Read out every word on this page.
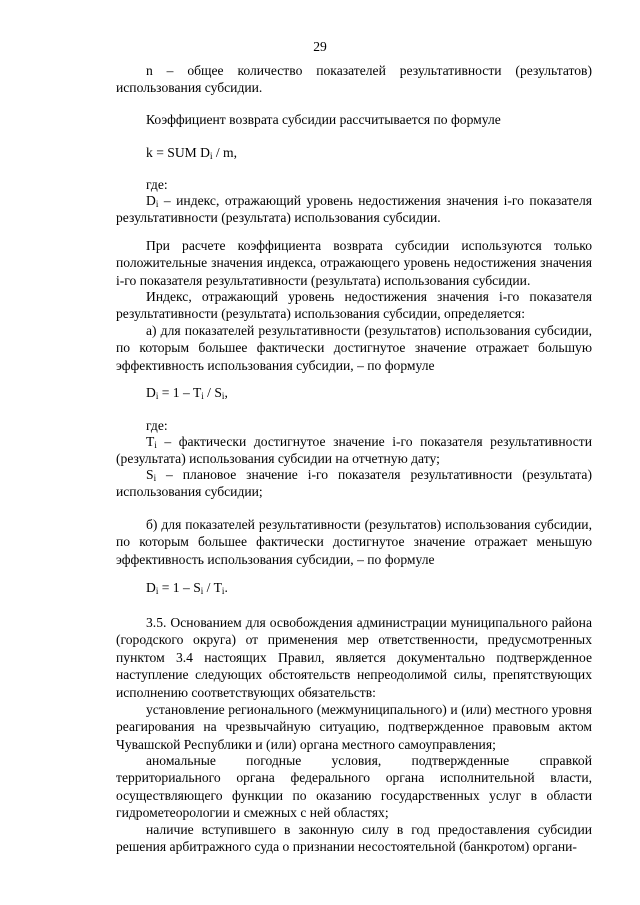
29
n – общее количество показателей результативности (результатов) использования субсидии.
Коэффициент возврата субсидии рассчитывается по формуле
k = SUM $D_i$ / m,
где:
$D_i$ – индекс, отражающий уровень недостижения значения i-го показателя результативности (результата) использования субсидии.
При расчете коэффициента возврата субсидии используются только положительные значения индекса, отражающего уровень недостижения значения i-го показателя результативности (результата) использования субсидии.
Индекс, отражающий уровень недостижения значения i-го показателя результативности (результата) использования субсидии, определяется:
а) для показателей результативности (результатов) использования субсидии, по которым большее фактически достигнутое значение отражает большую эффективность использования субсидии, – по формуле
$D_i = 1 - T_i / S_i$,
где:
$T_i$ – фактически достигнутое значение i-го показателя результативности (результата) использования субсидии на отчетную дату;
$S_i$ – плановое значение i-го показателя результативности (результата) использования субсидии;
б) для показателей результативности (результатов) использования субсидии, по которым большее фактически достигнутое значение отражает меньшую эффективность использования субсидии, – по формуле
$D_i = 1 - S_i / T_i$.
3.5. Основанием для освобождения администрации муниципального района (городского округа) от применения мер ответственности, предусмотренных пунктом 3.4 настоящих Правил, является документально подтвержденное наступление следующих обстоятельств непреодолимой силы, препятствующих исполнению соответствующих обязательств:
установление регионального (межмуниципального) и (или) местного уровня реагирования на чрезвычайную ситуацию, подтвержденное правовым актом Чувашской Республики и (или) органа местного самоуправления;
аномальные погодные условия, подтвержденные справкой территориального органа федерального органа исполнительной власти, осуществляющего функции по оказанию государственных услуг в области гидрометеорологии и смежных с ней областях;
наличие вступившего в законную силу в год предоставления субсидии решения арбитражного суда о признании несостоятельной (банкротом) органи-
